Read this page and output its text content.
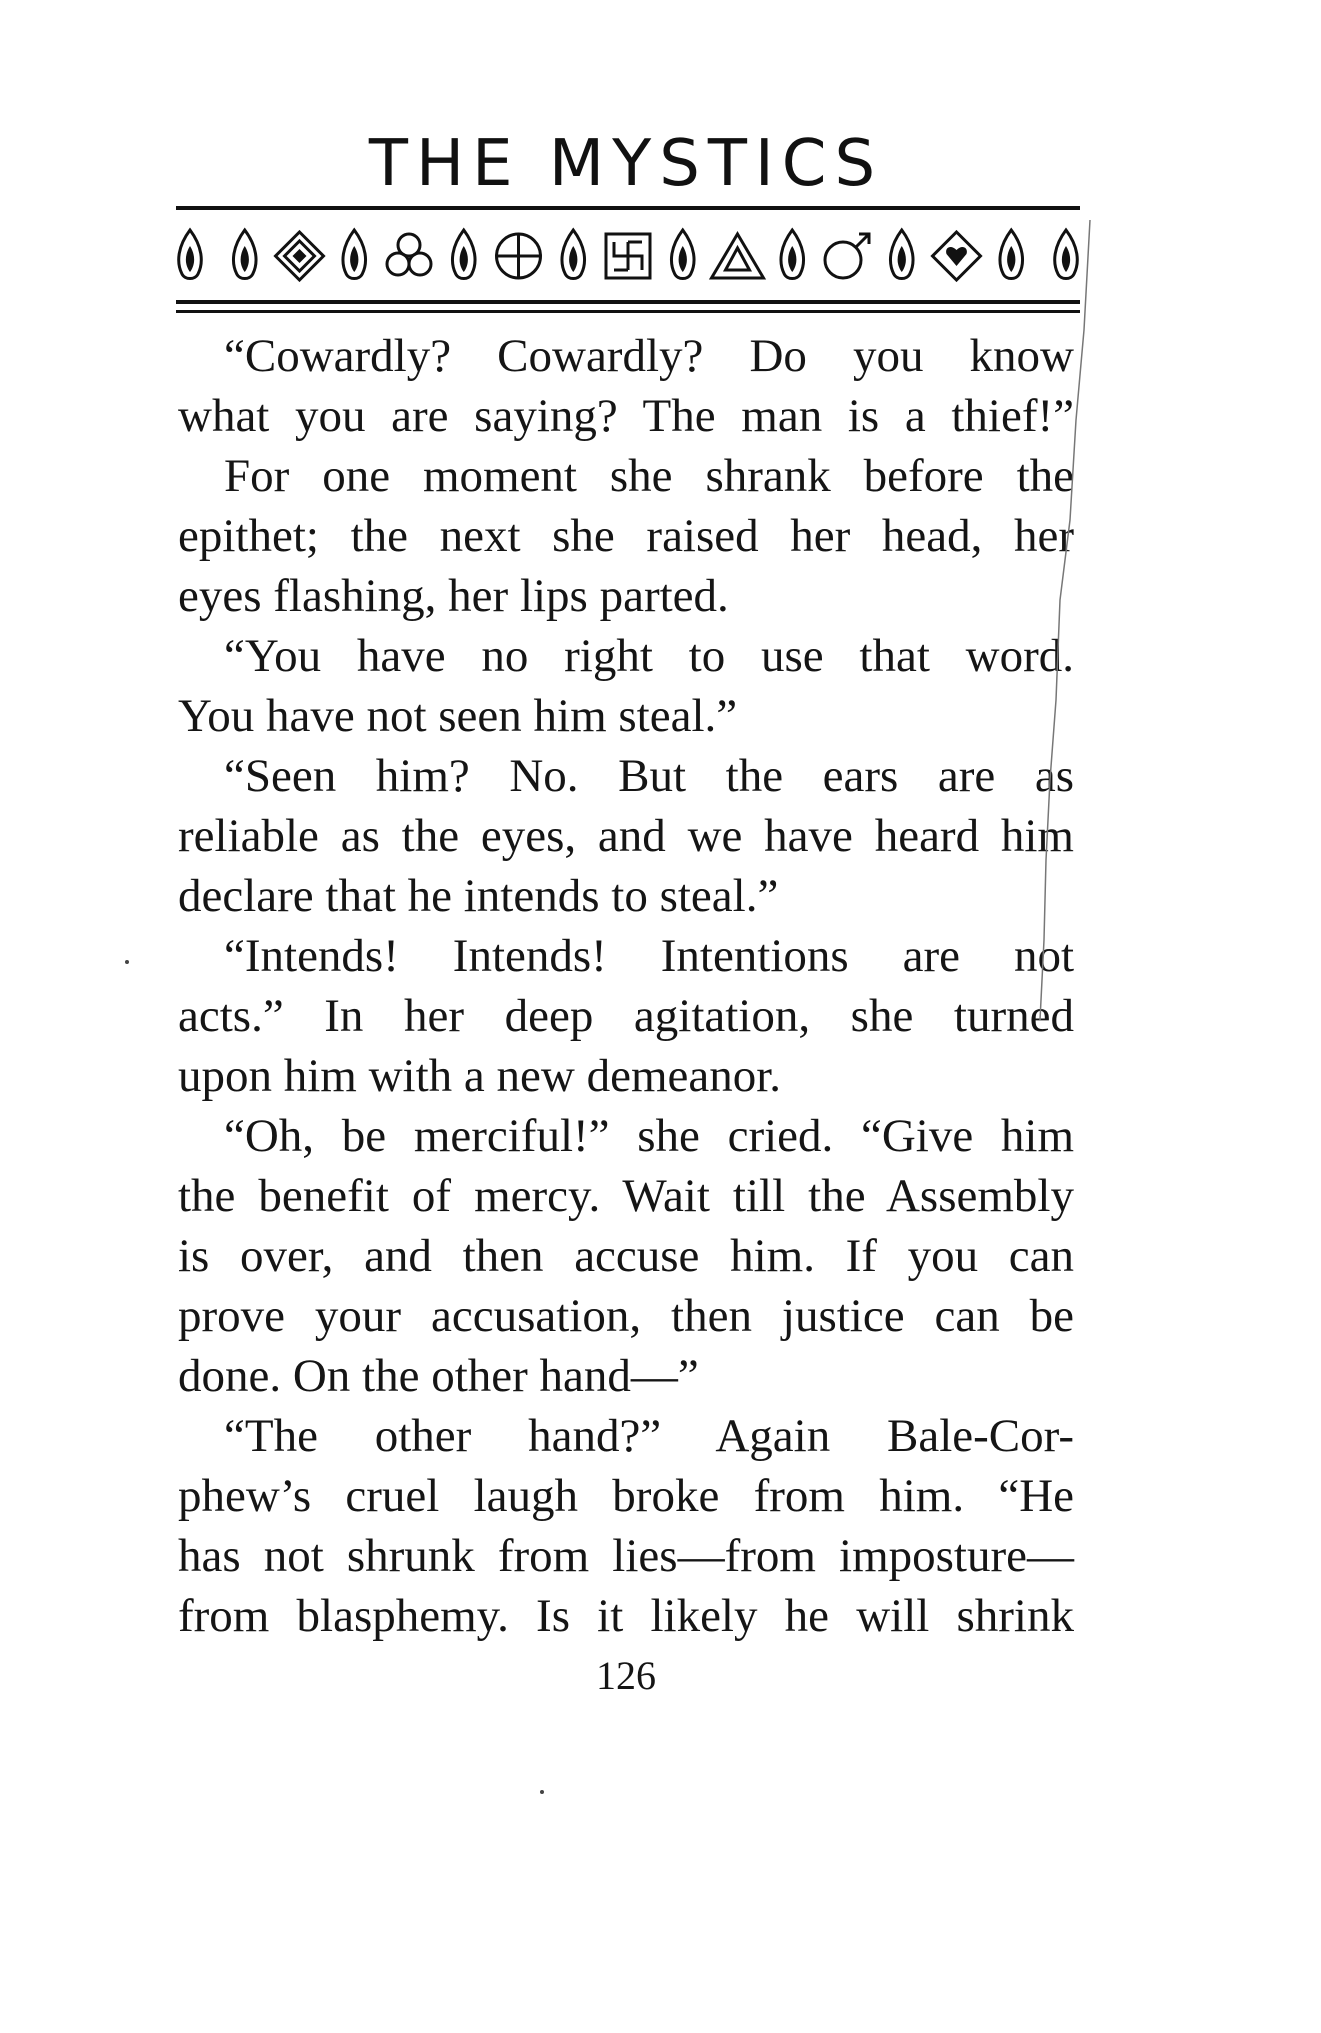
THE MYSTICS
“Cowardly? Cowardly? Do you know
what you are saying? The man is a thief!”
For one moment she shrank before the
epithet; the next she raised her head, her
eyes flashing, her lips parted.
“You have no right to use that word.
You have not seen him steal.”
“Seen him? No. But the ears are as
reliable as the eyes, and we have heard him
declare that he intends to steal.”
“Intends! Intends! Intentions are not
acts.” In her deep agitation, she turned
upon him with a new demeanor.
“Oh, be merciful!” she cried. “Give him
the benefit of mercy. Wait till the Assembly
is over, and then accuse him. If you can
prove your accusation, then justice can be
done. On the other hand—”
“The other hand?” Again Bale-Cor-
phew’s cruel laugh broke from him. “He
has not shrunk from lies—from imposture—
from blasphemy. Is it likely he will shrink
126
